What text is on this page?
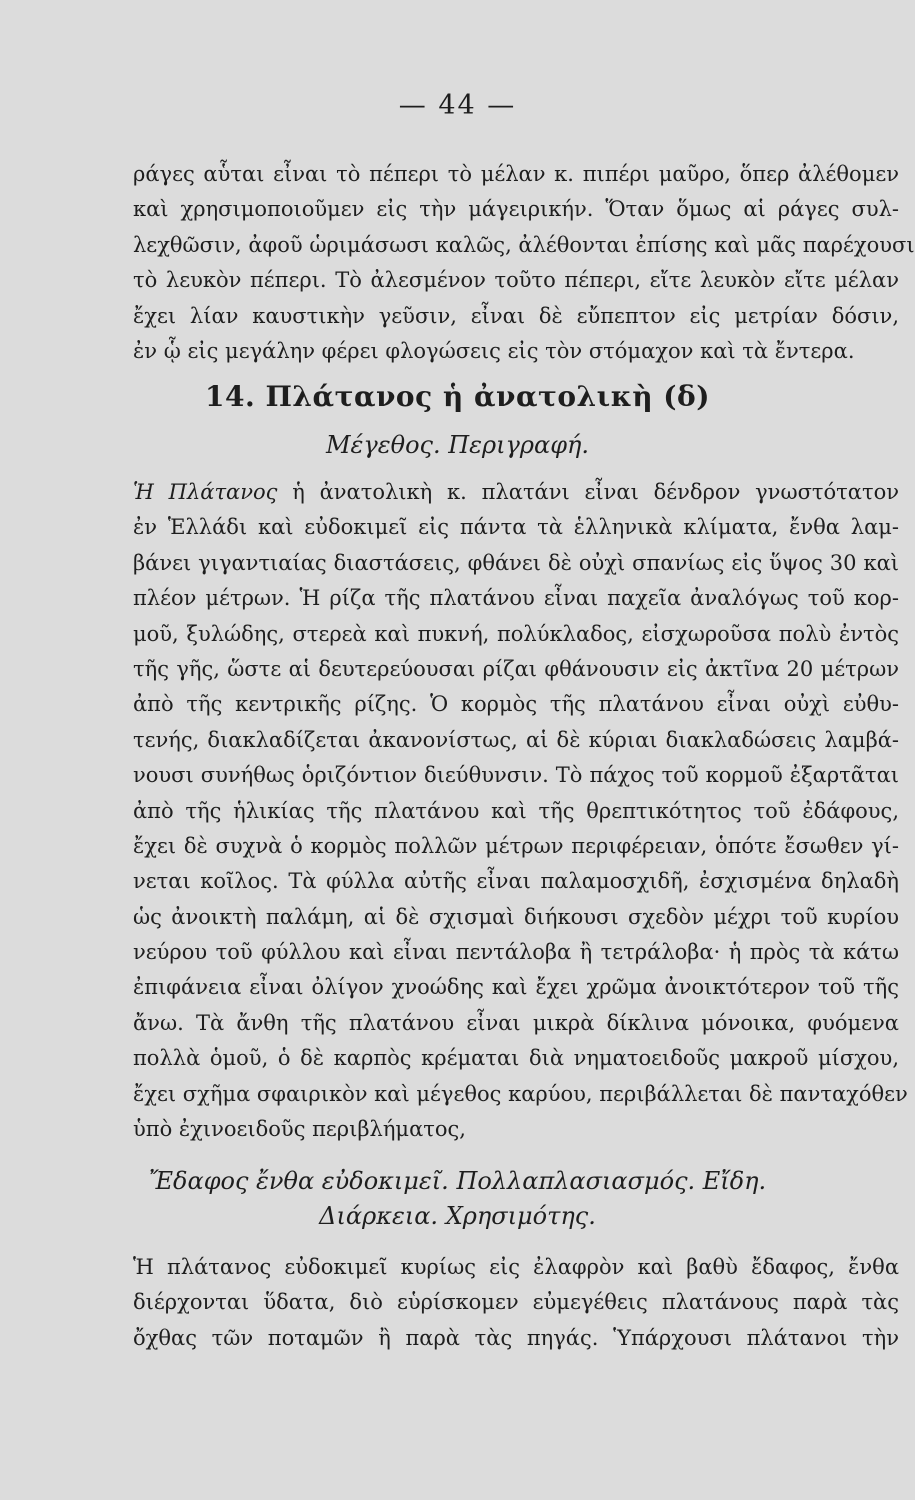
— 44 —
ράγες αὗται εἶναι τὸ πέπερι τὸ μέλαν κ. πιπέρι μαῦρο, ὅπερ ἀλέθομεν
καὶ χρησιμοποιοῦμεν εἰς τὴν μάγειρικήν. Ὅταν ὅμως αἱ ράγες συλ-
λεχθῶσιν, ἀφοῦ ὡριμάσωσι καλῶς, ἀλέθονται ἐπίσης καὶ μᾶς παρέχουσι
τὸ λευκὸν πέπερι. Τὸ ἀλεσμένον τοῦτο πέπερι, εἴτε λευκὸν εἴτε μέλαν
ἔχει λίαν καυστικὴν γεῦσιν, εἶναι δὲ εὔπεπτον εἰς μετρίαν δόσιν,
ἐν ᾧ εἰς μεγάλην φέρει φλογώσεις εἰς τὸν στόμαχον καὶ τὰ ἔντερα.
14. Πλάτανος ἡ ἀνατολικὴ (δ)
Μέγεθος. Περιγραφή.
Ἡ Πλάτανος ἡ ἀνατολικὴ κ. πλατάνι εἶναι δένδρον γνωστότατον
ἐν Ἑλλάδι καὶ εὐδοκιμεῖ εἰς πάντα τὰ ἑλληνικὰ κλίματα, ἔνθα λαμ-
βάνει γιγαντιαίας διαστάσεις, φθάνει δὲ οὐχὶ σπανίως εἰς ὕψος 30 καὶ
πλέον μέτρων. Ἡ ρίζα τῆς πλατάνου εἶναι παχεῖα ἀναλόγως τοῦ κορ-
μοῦ, ξυλώδης, στερεὰ καὶ πυκνή, πολύκλαδος, εἰσχωροῦσα πολὺ ἐντὸς
τῆς γῆς, ὥστε αἱ δευτερεύουσαι ρίζαι φθάνουσιν εἰς ἀκτῖνα 20 μέτρων
ἀπὸ τῆς κεντρικῆς ρίζης. Ὁ κορμὸς τῆς πλατάνου εἶναι οὐχὶ εὐθυ-
τενής, διακλαδίζεται ἀκανονίστως, αἱ δὲ κύριαι διακλαδώσεις λαμβά-
νουσι συνήθως ὁριζόντιον διεύθυνσιν. Τὸ πάχος τοῦ κορμοῦ ἐξαρτᾶται
ἀπὸ τῆς ἡλικίας τῆς πλατάνου καὶ τῆς θρεπτικότητος τοῦ ἐδάφους,
ἔχει δὲ συχνὰ ὁ κορμὸς πολλῶν μέτρων περιφέρειαν, ὁπότε ἔσωθεν γί-
νεται κοῖλος. Τὰ φύλλα αὐτῆς εἶναι παλαμοσχιδῆ, ἐσχισμένα δηλαδὴ
ὡς ἀνοικτὴ παλάμη, αἱ δὲ σχισμαὶ διήκουσι σχεδὸν μέχρι τοῦ κυρίου
νεύρου τοῦ φύλλου καὶ εἶναι πεντάλοβα ἢ τετράλοβα· ἡ πρὸς τὰ κάτω
ἐπιφάνεια εἶναι ὀλίγον χνοώδης καὶ ἔχει χρῶμα ἀνοικτότερον τοῦ τῆς
ἄνω. Τὰ ἄνθη τῆς πλατάνου εἶναι μικρὰ δίκλινα μόνοικα, φυόμενα
πολλὰ ὁμοῦ, ὁ δὲ καρπὸς κρέμαται διὰ νηματοειδοῦς μακροῦ μίσχου,
ἔχει σχῆμα σφαιρικὸν καὶ μέγεθος καρύου, περιβάλλεται δὲ πανταχόθεν
ὑπὸ ἐχινοειδοῦς περιβλήματος,
Ἔδαφος ἔνθα εὐδοκιμεῖ. Πολλαπλασιασμός. Εἴδη.
Διάρκεια. Χρησιμότης.
Ἡ πλάτανος εὐδοκιμεῖ κυρίως εἰς ἐλαφρὸν καὶ βαθὺ ἔδαφος, ἔνθα
διέρχονται ὕδατα, διὸ εὑρίσκομεν εὐμεγέθεις πλατάνους παρὰ τὰς
ὄχθας τῶν ποταμῶν ἢ παρὰ τὰς πηγάς. Ὑπάρχουσι πλάτανοι τὴν
